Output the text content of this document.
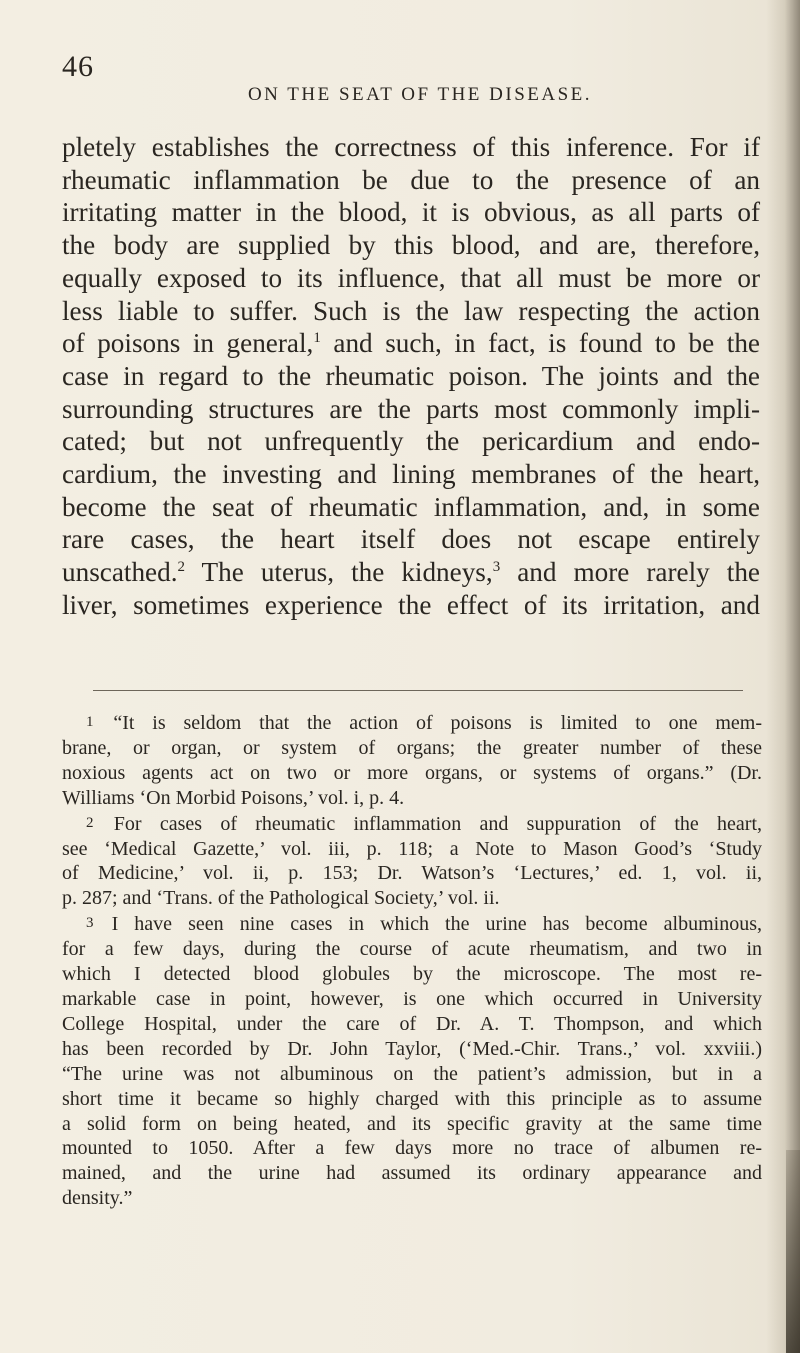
46
ON THE SEAT OF THE DISEASE.
pletely establishes the correctness of this inference. For if
rheumatic inflammation be due to the presence of an
irritating matter in the blood, it is obvious, as all parts of
the body are supplied by this blood, and are, therefore,
equally exposed to its influence, that all must be more or
less liable to suffer. Such is the law respecting the action
of poisons in general,$^1$ and such, in fact, is found to be the
case in regard to the rheumatic poison. The joints and the
surrounding structures are the parts most commonly impli-
cated; but not unfrequently the pericardium and endo-
cardium, the investing and lining membranes of the heart,
become the seat of rheumatic inflammation, and, in some
rare cases, the heart itself does not escape entirely
unscathed.$^2$ The uterus, the kidneys,$^3$ and more rarely the
liver, sometimes experience the effect of its irritation, and
1 “It is seldom that the action of poisons is limited to one mem-
brane, or organ, or system of organs; the greater number of these
noxious agents act on two or more organs, or systems of organs.” (Dr.
Williams ‘On Morbid Poisons,’ vol. i, p. 4.
2 For cases of rheumatic inflammation and suppuration of the heart,
see ‘Medical Gazette,’ vol. iii, p. 118; a Note to Mason Good’s ‘Study
of Medicine,’ vol. ii, p. 153; Dr. Watson’s ‘Lectures,’ ed. 1, vol. ii,
p. 287; and ‘Trans. of the Pathological Society,’ vol. ii.
3 I have seen nine cases in which the urine has become albuminous,
for a few days, during the course of acute rheumatism, and two in
which I detected blood globules by the microscope. The most re-
markable case in point, however, is one which occurred in University
College Hospital, under the care of Dr. A. T. Thompson, and which
has been recorded by Dr. John Taylor, (‘Med.-Chir. Trans.,’ vol. xxviii.)
“The urine was not albuminous on the patient’s admission, but in a
short time it became so highly charged with this principle as to assume
a solid form on being heated, and its specific gravity at the same time
mounted to 1050. After a few days more no trace of albumen re-
mained, and the urine had assumed its ordinary appearance and
density.”
